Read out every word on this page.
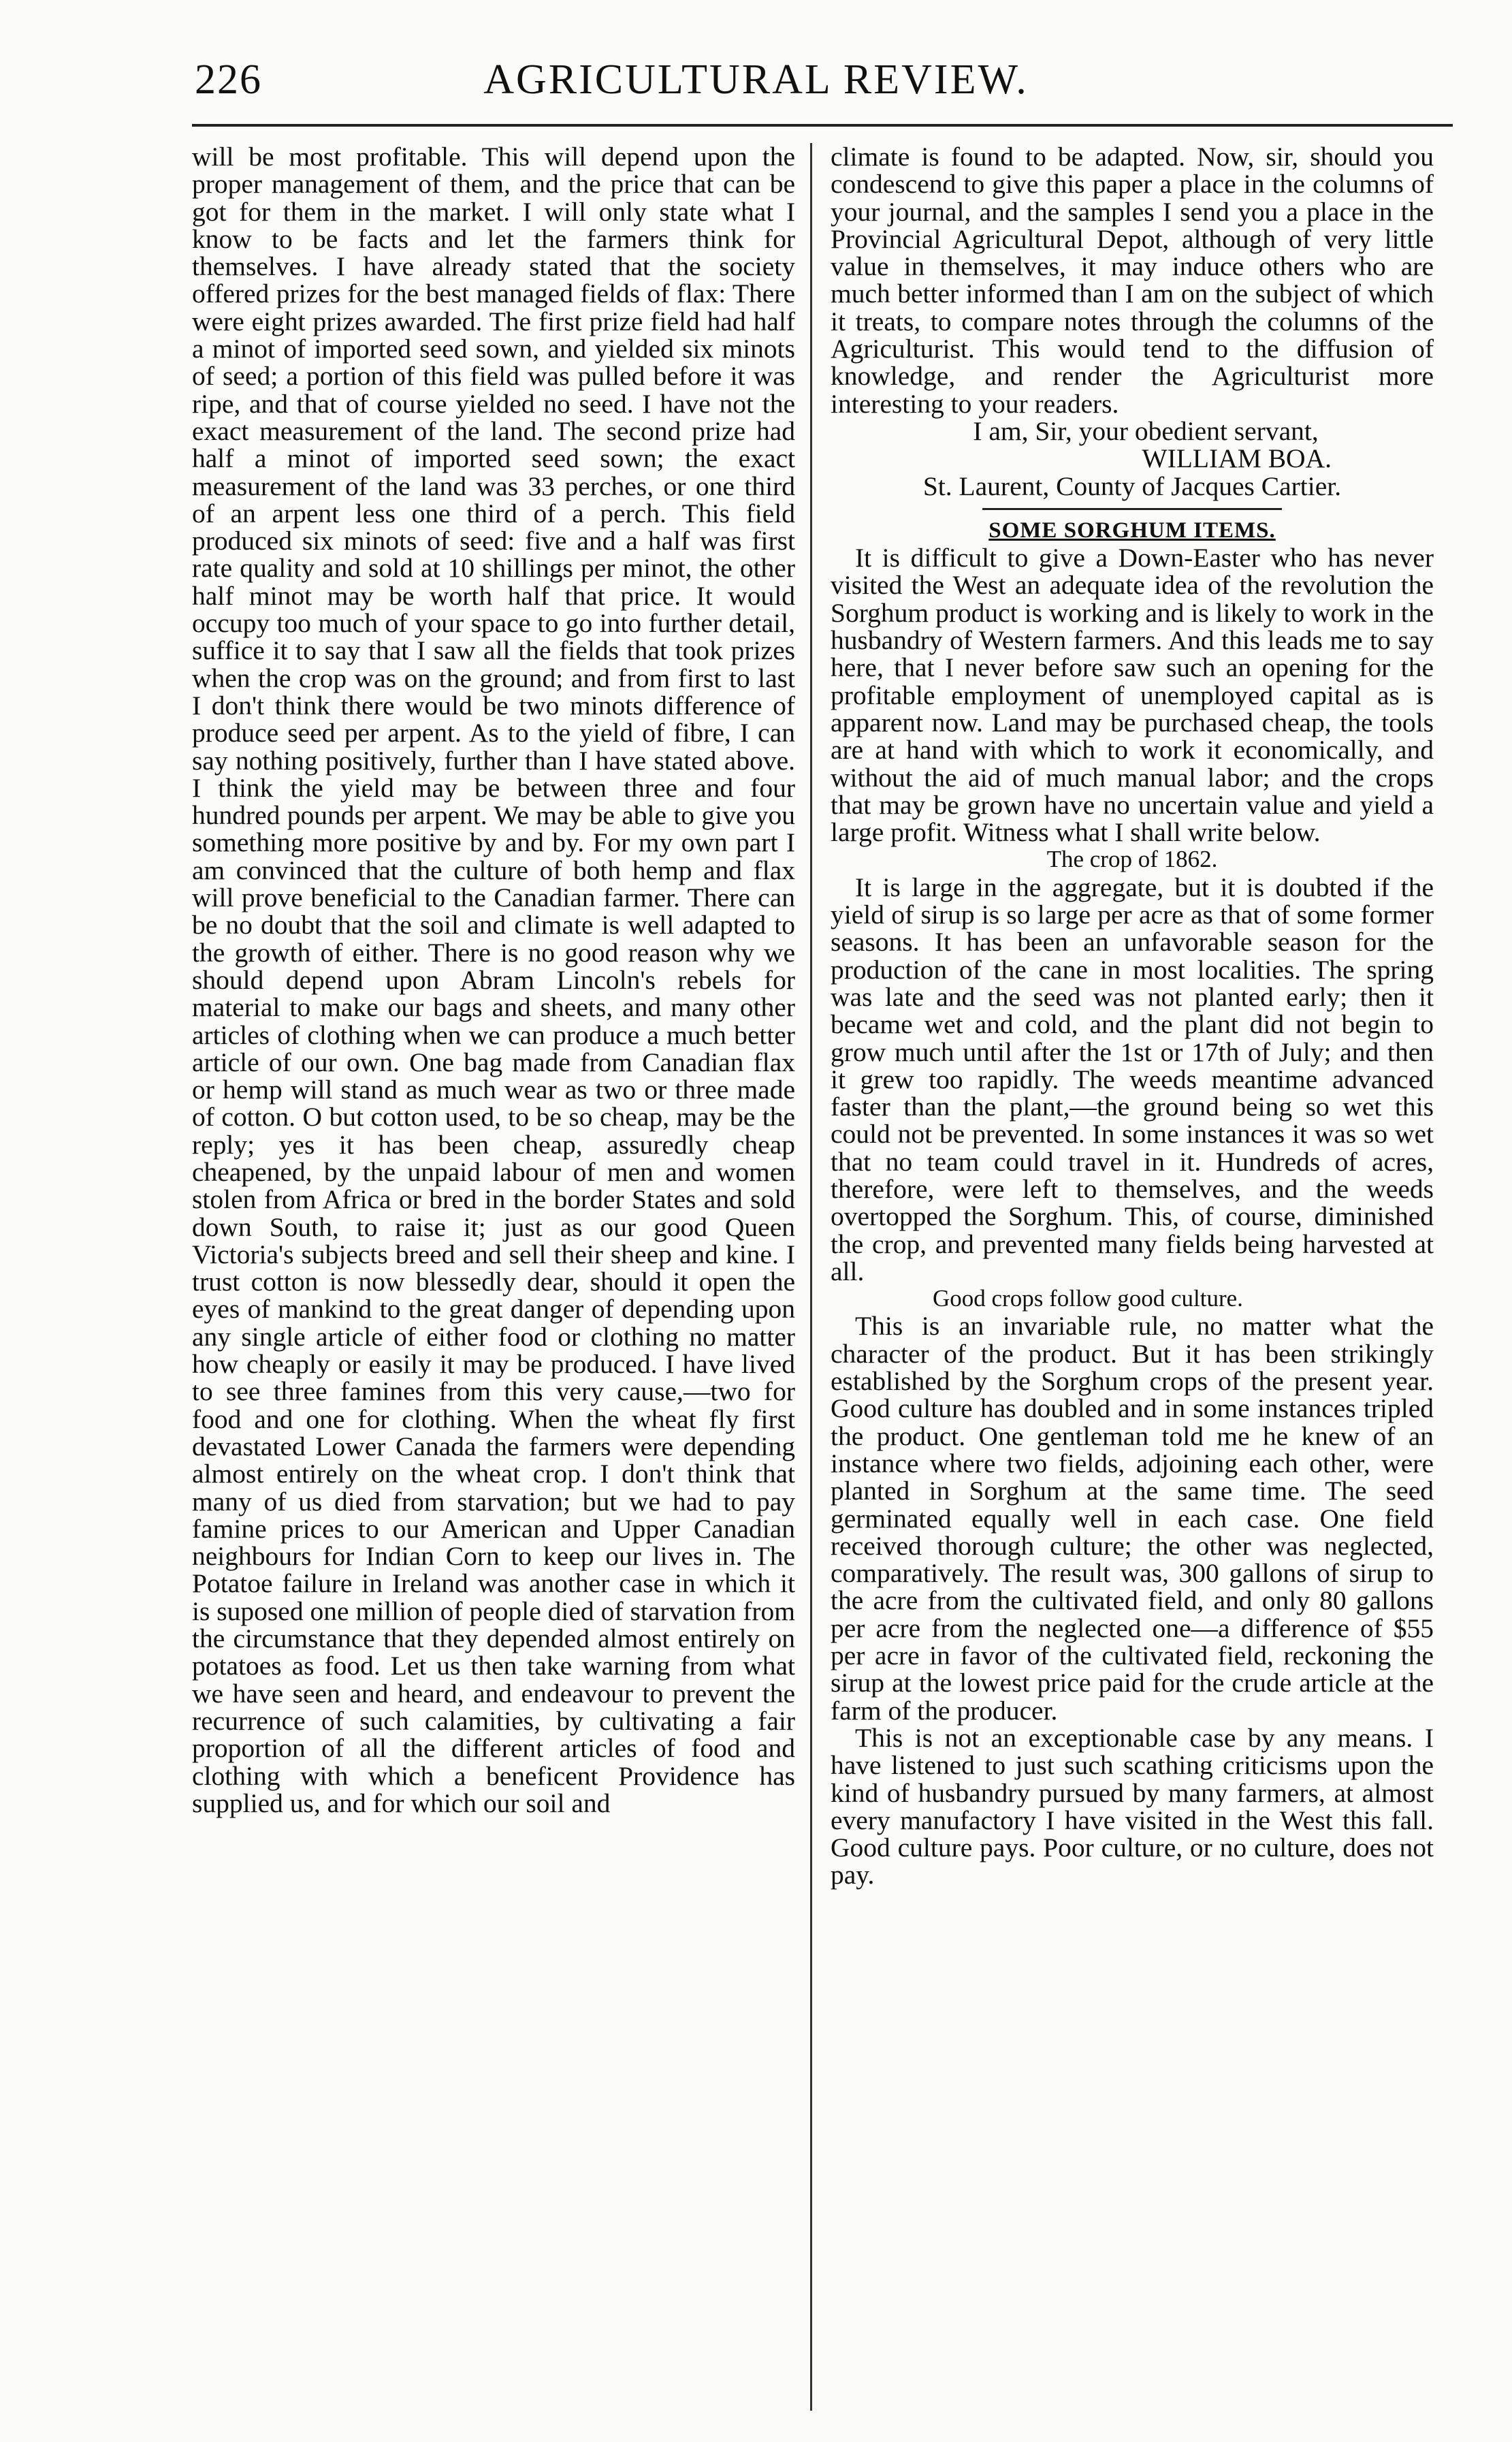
AGRICULTURAL REVIEW.
226

will be most profitable. This will depend upon the proper management of them, and the price that can be got for them in the market. I will only state what I know to be facts and let the farmers think for themselves. I have already stated that the society offered prizes for the best managed fields of flax: There were eight prizes awarded. The first prize field had half a minot of imported seed sown, and yielded six minots of seed; a portion of this field was pulled before it was ripe, and that of course yielded no seed. I have not the exact measurement of the land. The second prize had half a minot of imported seed sown; the exact measurement of the land was 33 perches, or one third of an arpent less one third of a perch. This field produced six minots of seed: five and a half was first rate quality and sold at 10 shillings per minot, the other half minot may be worth half that price. It would occupy too much of your space to go into further detail, suffice it to say that I saw all the fields that took prizes when the crop was on the ground; and from first to last I don't think there would be two minots difference of produce seed per arpent. As to the yield of fibre, I can say nothing positively, further than I have stated above. I think the yield may be between three and four hundred pounds per arpent. We may be able to give you something more positive by and by. For my own part I am convinced that the culture of both hemp and flax will prove beneficial to the Canadian farmer. There can be no doubt that the soil and climate is well adapted to the growth of either. There is no good reason why we should depend upon Abram Lincoln's rebels for material to make our bags and sheets, and many other articles of clothing when we can produce a much better article of our own. One bag made from Canadian flax or hemp will stand as much wear as two or three made of cotton. O but cotton used, to be so cheap, may be the reply; yes it has been cheap, assuredly cheap cheapened, by the unpaid labour of men and women stolen from Africa or bred in the border States and sold down South, to raise it; just as our good Queen Victoria's subjects breed and sell their sheep and kine. I trust cotton is now blessedly dear, should it open the eyes of mankind to the great danger of depending upon any single article of either food or clothing no matter how cheaply or easily it may be produced. I have lived to see three famines from this very cause,—two for food and one for clothing. When the wheat fly first devastated Lower Canada the farmers were depending almost entirely on the wheat crop. I don't think that many of us died from starvation; but we had to pay famine prices to our American and Upper Canadian neighbours for Indian Corn to keep our lives in. The Potatoe failure in Ireland was another case in which it is suposed one million of people died of starvation from the circumstance that they depended almost entirely on potatoes as food. Let us then take warning from what we have seen and heard, and endeavour to prevent the recurrence of such calamities, by cultivating a fair proportion of all the different articles of food and clothing with which a beneficent Providence has supplied us, and for which our soil and

climate is found to be adapted. Now, sir, should you condescend to give this paper a place in the columns of your journal, and the samples I send you a place in the Provincial Agricultural Depot, although of very little value in themselves, it may induce others who are much better informed than I am on the subject of which it treats, to compare notes through the columns of the Agriculturist. This would tend to the diffusion of knowledge, and render the Agriculturist more interesting to your readers.

I am, Sir, your obedient servant,

WILLIAM BOA.

St. Laurent, County of Jacques Cartier.

SOME SORGHUM ITEMS.

It is difficult to give a Down-Easter who has never visited the West an adequate idea of the revolution the Sorghum product is working and is likely to work in the husbandry of Western farmers. And this leads me to say here, that I never before saw such an opening for the profitable employment of unemployed capital as is apparent now. Land may be purchased cheap, the tools are at hand with which to work it economically, and without the aid of much manual labor; and the crops that may be grown have no uncertain value and yield a large profit. Witness what I shall write below.

The crop of 1862.

It is large in the aggregate, but it is doubted if the yield of sirup is so large per acre as that of some former seasons. It has been an unfavorable season for the production of the cane in most localities. The spring was late and the seed was not planted early; then it became wet and cold, and the plant did not begin to grow much until after the 1st or 17th of July; and then it grew too rapidly. The weeds meantime advanced faster than the plant,—the ground being so wet this could not be prevented. In some instances it was so wet that no team could travel in it. Hundreds of acres, therefore, were left to themselves, and the weeds overtopped the Sorghum. This, of course, diminished the crop, and prevented many fields being harvested at all.

Good crops follow good culture.

This is an invariable rule, no matter what the character of the product. But it has been strikingly established by the Sorghum crops of the present year. Good culture has doubled and in some instances tripled the product. One gentleman told me he knew of an instance where two fields, adjoining each other, were planted in Sorghum at the same time. The seed germinated equally well in each case. One field received thorough culture; the other was neglected, comparatively. The result was, 300 gallons of sirup to the acre from the cultivated field, and only 80 gallons per acre from the neglected one—a difference of $55 per acre in favor of the cultivated field, reckoning the sirup at the lowest price paid for the crude article at the farm of the producer.

This is not an exceptionable case by any means. I have listened to just such scathing criticisms upon the kind of husbandry pursued by many farmers, at almost every manufactory I have visited in the West this fall. Good culture pays. Poor culture, or no culture, does not pay.
